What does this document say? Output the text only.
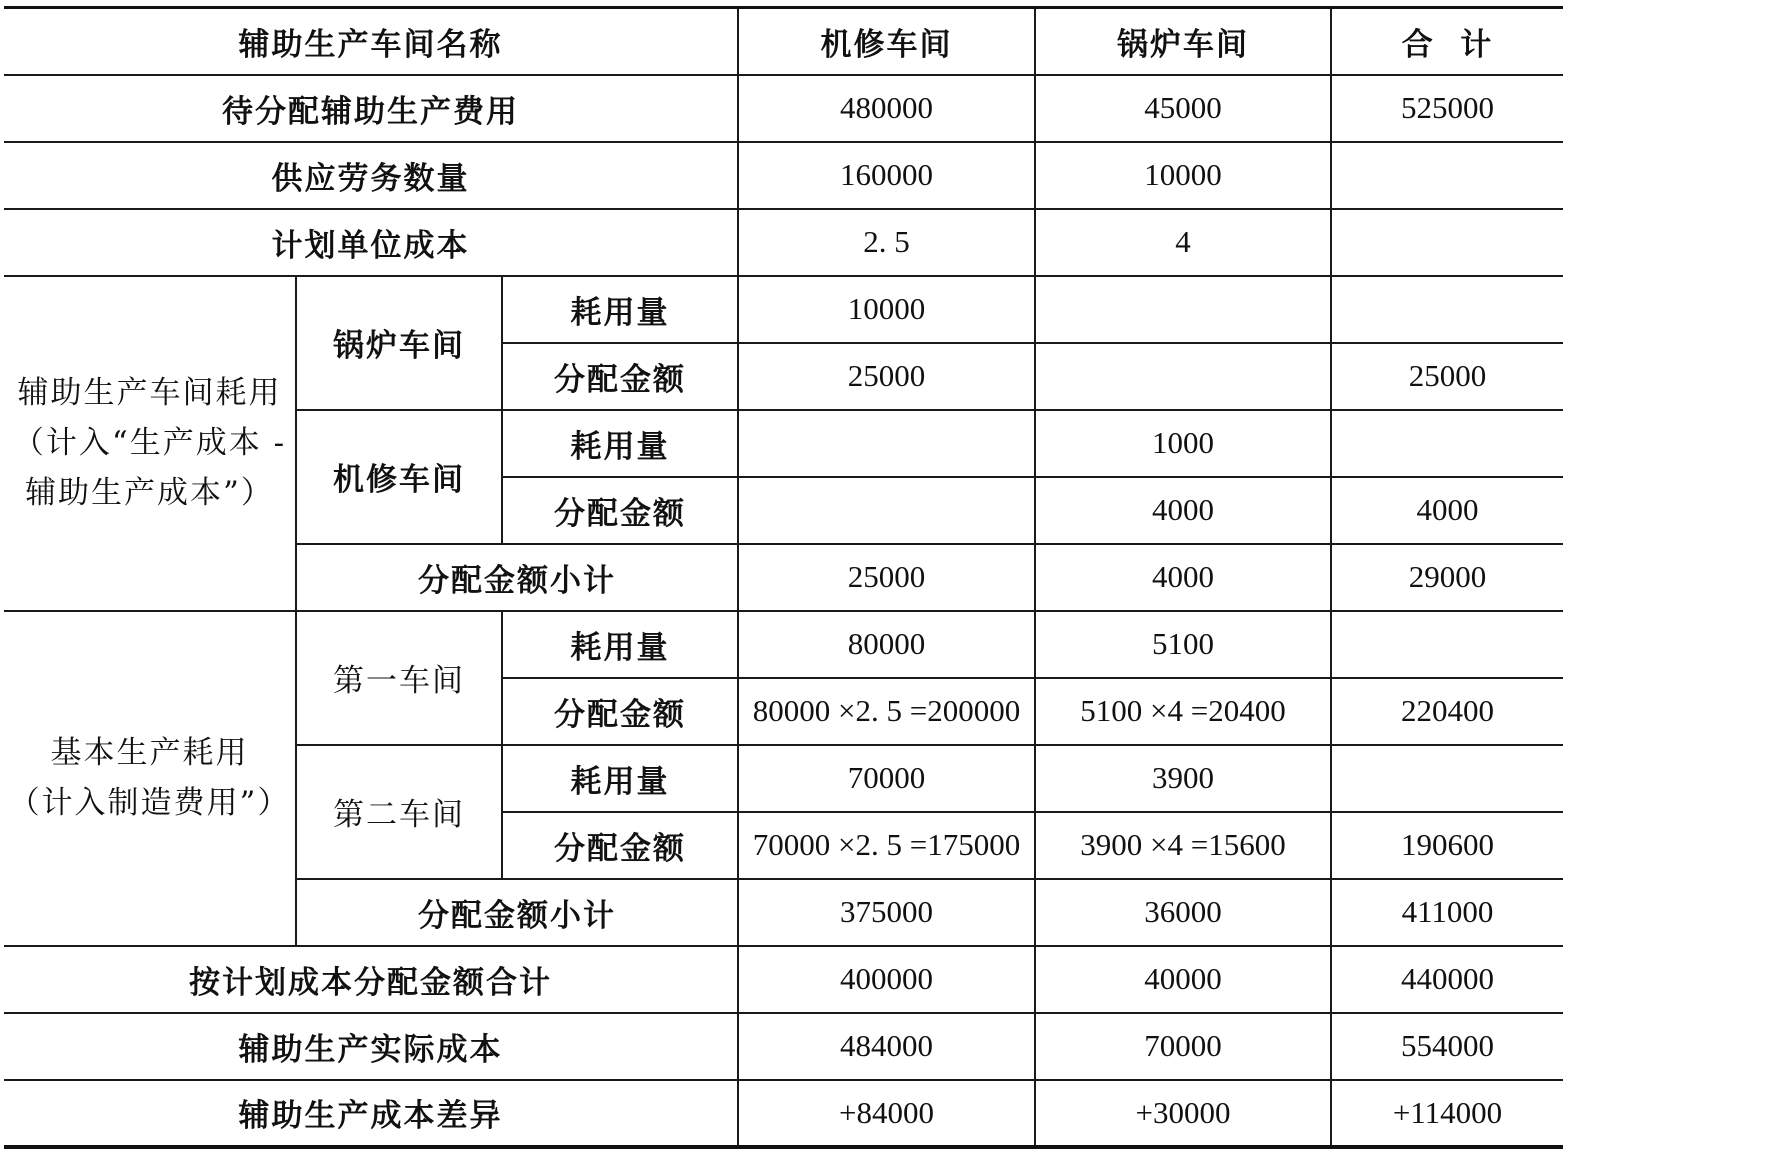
辅助生产车间名称			机修车间	锅炉车间	合  计
待分配辅助生产费用			480000	45000	525000
供应劳务数量			160000	10000	
计划单位成本			2. 5	4	
辅助生产车间耗用
（计入“生产成本 -
辅助生产成本”）	锅炉车间	耗用量	10000		
		分配金额	25000		25000
	机修车间	耗用量		1000	
		分配金额		4000	4000
	分配金额小计		25000	4000	29000
基本生产耗用
（计入制造费用”）	第一车间	耗用量	80000	5100	
		分配金额	80000 ×2. 5 =200000	5100 ×4 =20400	220400
	第二车间	耗用量	70000	3900	
		分配金额	70000 ×2. 5 =175000	3900 ×4 =15600	190600
	分配金额小计		375000	36000	411000
按计划成本分配金额合计			400000	40000	440000
辅助生产实际成本			484000	70000	554000
辅助生产成本差异			+84000	+30000	+114000
